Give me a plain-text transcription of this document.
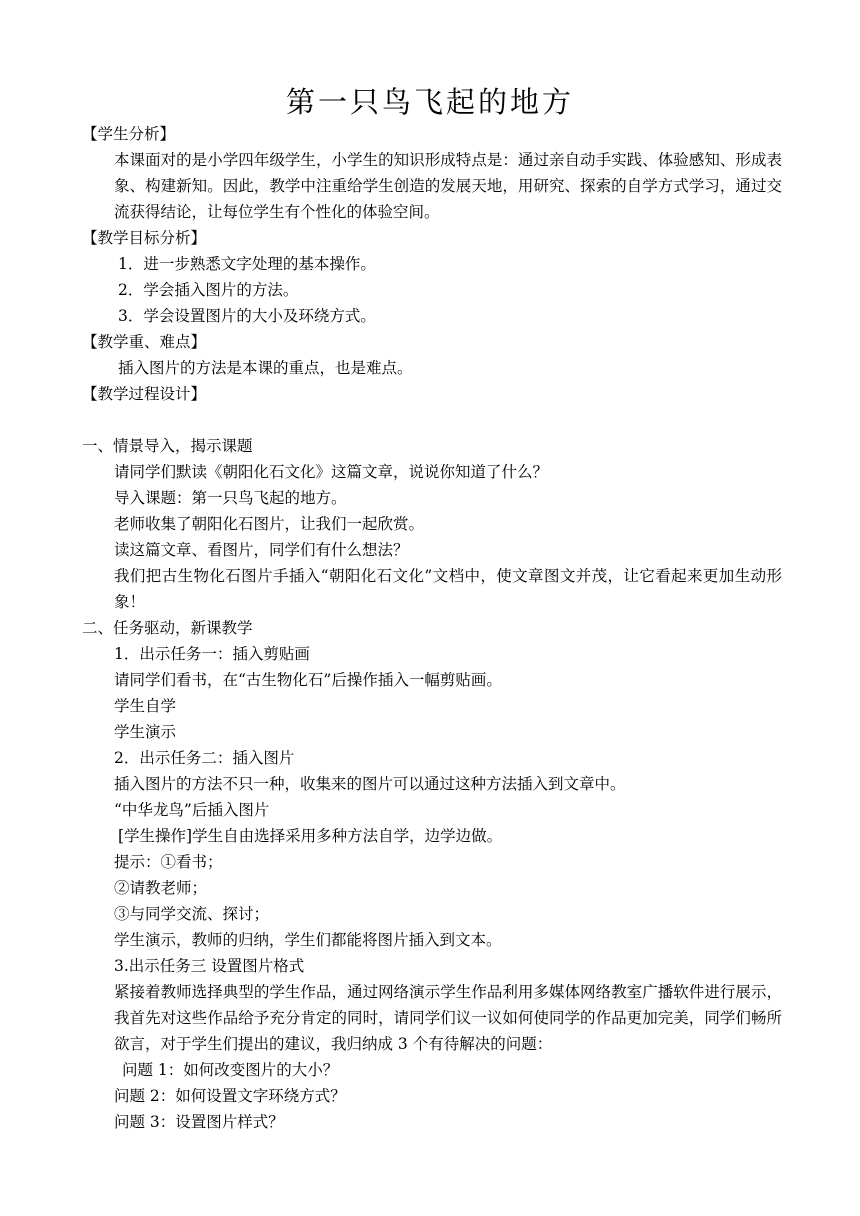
第一只鸟飞起的地方

【学生分析】

本课面对的是小学四年级学生，小学生的知识形成特点是：通过亲自动手实践、体验感知、形成表象、构建新知。因此，教学中注重给学生创造的发展天地，用研究、探索的自学方式学习，通过交流获得结论，让每位学生有个性化的体验空间。

【教学目标分析】

1．进一步熟悉文字处理的基本操作。

2．学会插入图片的方法。

3．学会设置图片的大小及环绕方式。

【教学重、难点】

插入图片的方法是本课的重点，也是难点。

【教学过程设计】

一、情景导入，揭示课题

请同学们默读《朝阳化石文化》这篇文章，说说你知道了什么？

导入课题：第一只鸟飞起的地方。

老师收集了朝阳化石图片，让我们一起欣赏。

读这篇文章、看图片，同学们有什么想法？

我们把古生物化石图片手插入“朝阳化石文化”文档中，使文章图文并茂，让它看起来更加生动形象！

二、任务驱动，新课教学

1．出示任务一：插入剪贴画

请同学们看书，在“古生物化石”后操作插入一幅剪贴画。

学生自学

学生演示

2．出示任务二：插入图片

插入图片的方法不只一种，收集来的图片可以通过这种方法插入到文章中。

“中华龙鸟”后插入图片

[学生操作]学生自由选择采用多种方法自学，边学边做。

提示：①看书；

②请教老师；

③与同学交流、探讨；

学生演示，教师的归纳，学生们都能将图片插入到文本。

3.出示任务三 设置图片格式

紧接着教师选择典型的学生作品，通过网络演示学生作品利用多媒体网络教室广播软件进行展示，我首先对这些作品给予充分肯定的同时，请同学们议一议如何使同学的作品更加完美，同学们畅所欲言，对于学生们提出的建议，我归纳成 3 个有待解决的问题：

问题 1：如何改变图片的大小？

问题 2：如何设置文字环绕方式？

问题 3：设置图片样式？
